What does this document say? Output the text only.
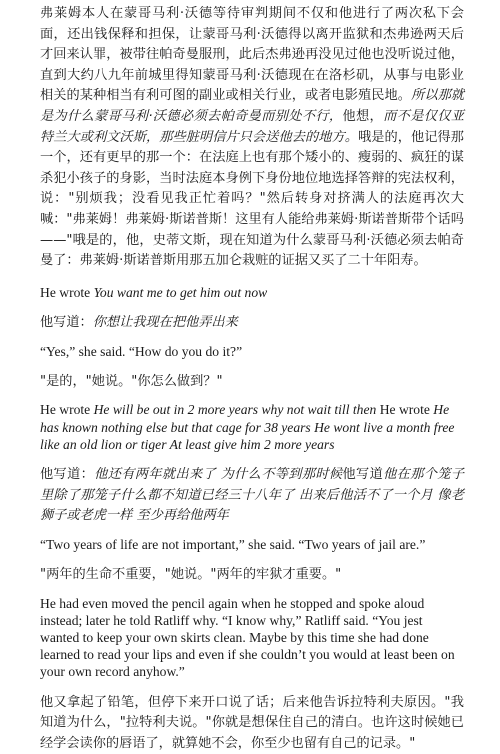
弗莱姆本人在蒙哥马利·沃德等待审判期间不仅和他进行了两次私下会面，还出钱保释和担保，让蒙哥马利·沃德得以离开监狱和杰弗逊两天后才回来认罪，被带往帕奇曼服刑，此后杰弗逊再没见过他也没听说过他，直到大约八九年前城里得知蒙哥马利·沃德现在在洛杉矶，从事与电影业相关的某种相当有利可图的副业或相关行业，或者电影殖民地。所以那就是为什么蒙哥马利·沃德必须去帕奇曼而别处不行，他想，而不是仅仅亚特兰大或利文沃斯，那些脏明信片只会送他去的地方。哦是的，他记得那一个，还有更早的那一个：在法庭上也有那个矮小的、瘦弱的、疯狂的谋杀犯小孩子的身影，当时法庭本身例下身份地位地选择答辩的宪法权利，说："别烦我；没看见我正忙着吗？"然后转身对挤满人的法庭再次大喊："弗莱姆！弗莱姆·斯诺普斯！这里有人能给弗莱姆·斯诺普斯带个话吗——"哦是的，他，史蒂文斯，现在知道为什么蒙哥马利·沃德必须去帕奇曼了：弗莱姆·斯诺普斯用那五加仑栽赃的证据又买了二十年阳寿。

He wrote You want me to get him out now

他写道：你想让我现在把他弄出来

“Yes,” she said. “How do you do it?”

"是的，"她说。"你怎么做到？"

He wrote He will be out in 2 more years why not wait till then He wrote He has known nothing else but that cage for 38 years He wont live a month free like an old lion or tiger At least give him 2 more years

他写道：他还有两年就出来了 为什么不等到那时候他写道他在那个笼子里除了那笼子什么都不知道已经三十八年了 出来后他活不了一个月 像老狮子或老虎一样 至少再给他两年

“Two years of life are not important,” she said. “Two years of jail are.”

"两年的生命不重要，"她说。"两年的牢狱才重要。"

He had even moved the pencil again when he stopped and spoke aloud instead; later he told Ratliff why. “I know why,” Ratliff said. “You jest wanted to keep your own skirts clean. Maybe by this time she had done learned to read your lips and even if she couldn’t you would at least been on your own record anyhow.”

他又拿起了铅笔，但停下来开口说了话；后来他告诉拉特利夫原因。"我知道为什么，"拉特利夫说。"你就是想保住自己的清白。也许这时候她已经学会读你的唇语了，就算她不会，你至少也留有自己的记录。"
